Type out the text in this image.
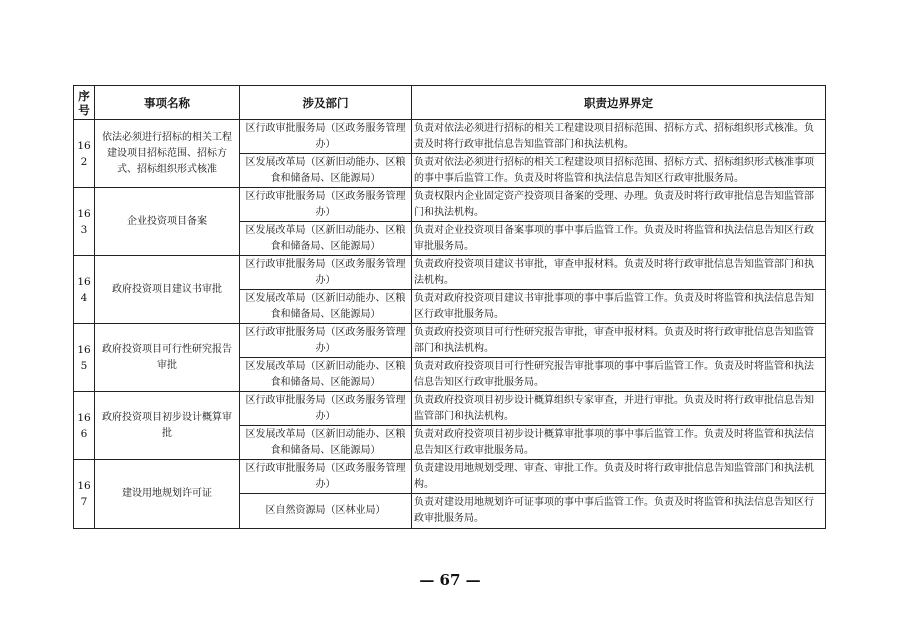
序号	事项名称	涉及部门	职责边界界定
162	依法必须进行招标的相关工程建设项目招标范围、招标方式、招标组织形式核准	区行政审批服务局（区政务服务管理办）	负责对依法必须进行招标的相关工程建设项目招标范围、招标方式、招标组织形式核准。负责及时将行政审批信息告知监管部门和执法机构。
		区发展改革局（区新旧动能办、区粮食和储备局、区能源局）	负责对依法必须进行招标的相关工程建设项目招标范围、招标方式、招标组织形式核准事项的事中事后监管工作。负责及时将监管和执法信息告知区行政审批服务局。
163	企业投资项目备案	区行政审批服务局（区政务服务管理办）	负责权限内企业固定资产投资项目备案的受理、办理。负责及时将行政审批信息告知监管部门和执法机构。
		区发展改革局（区新旧动能办、区粮食和储备局、区能源局）	负责对企业投资项目备案事项的事中事后监管工作。负责及时将监管和执法信息告知区行政审批服务局。
164	政府投资项目建议书审批	区行政审批服务局（区政务服务管理办）	负责政府投资项目建议书审批，审查申报材料。负责及时将行政审批信息告知监管部门和执法机构。
		区发展改革局（区新旧动能办、区粮食和储备局、区能源局）	负责对政府投资项目建议书审批事项的事中事后监管工作。负责及时将监管和执法信息告知区行政审批服务局。
165	政府投资项目可行性研究报告审批	区行政审批服务局（区政务服务管理办）	负责政府投资项目可行性研究报告审批，审查申报材料。负责及时将行政审批信息告知监管部门和执法机构。
		区发展改革局（区新旧动能办、区粮食和储备局、区能源局）	负责对政府投资项目可行性研究报告审批事项的事中事后监管工作。负责及时将监管和执法信息告知区行政审批服务局。
166	政府投资项目初步设计概算审批	区行政审批服务局（区政务服务管理办）	负责政府投资项目初步设计概算组织专家审查，并进行审批。负责及时将行政审批信息告知监管部门和执法机构。
		区发展改革局（区新旧动能办、区粮食和储备局、区能源局）	负责对政府投资项目初步设计概算审批事项的事中事后监管工作。负责及时将监管和执法信息告知区行政审批服务局。
167	建设用地规划许可证	区行政审批服务局（区政务服务管理办）	负责建设用地规划受理、审查、审批工作。负责及时将行政审批信息告知监管部门和执法机构。
		区自然资源局（区林业局）	负责对建设用地规划许可证事项的事中事后监管工作。负责及时将监管和执法信息告知区行政审批服务局。
— 67 —
